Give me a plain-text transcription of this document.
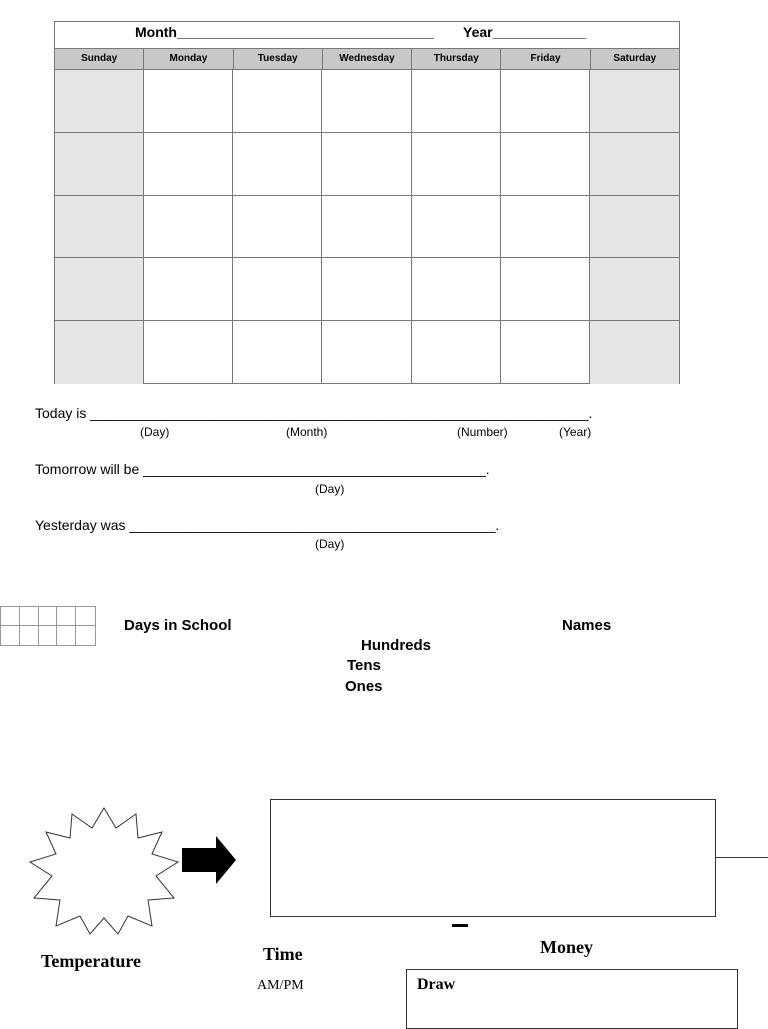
Month_________________________________ Year____________
Sunday	Monday	Tuesday	Wednesday	Thursday	Friday	Saturday
Today is ________________________________________________________________.
(Day)	(Month)	(Number)	(Year)
Tomorrow will be ____________________________________________.
(Day)
Yesterday was _______________________________________________.
(Day)
Days in School	Names
Hundreds
Tens
Ones
Temperature	Time
AM/PM
Money
Draw
